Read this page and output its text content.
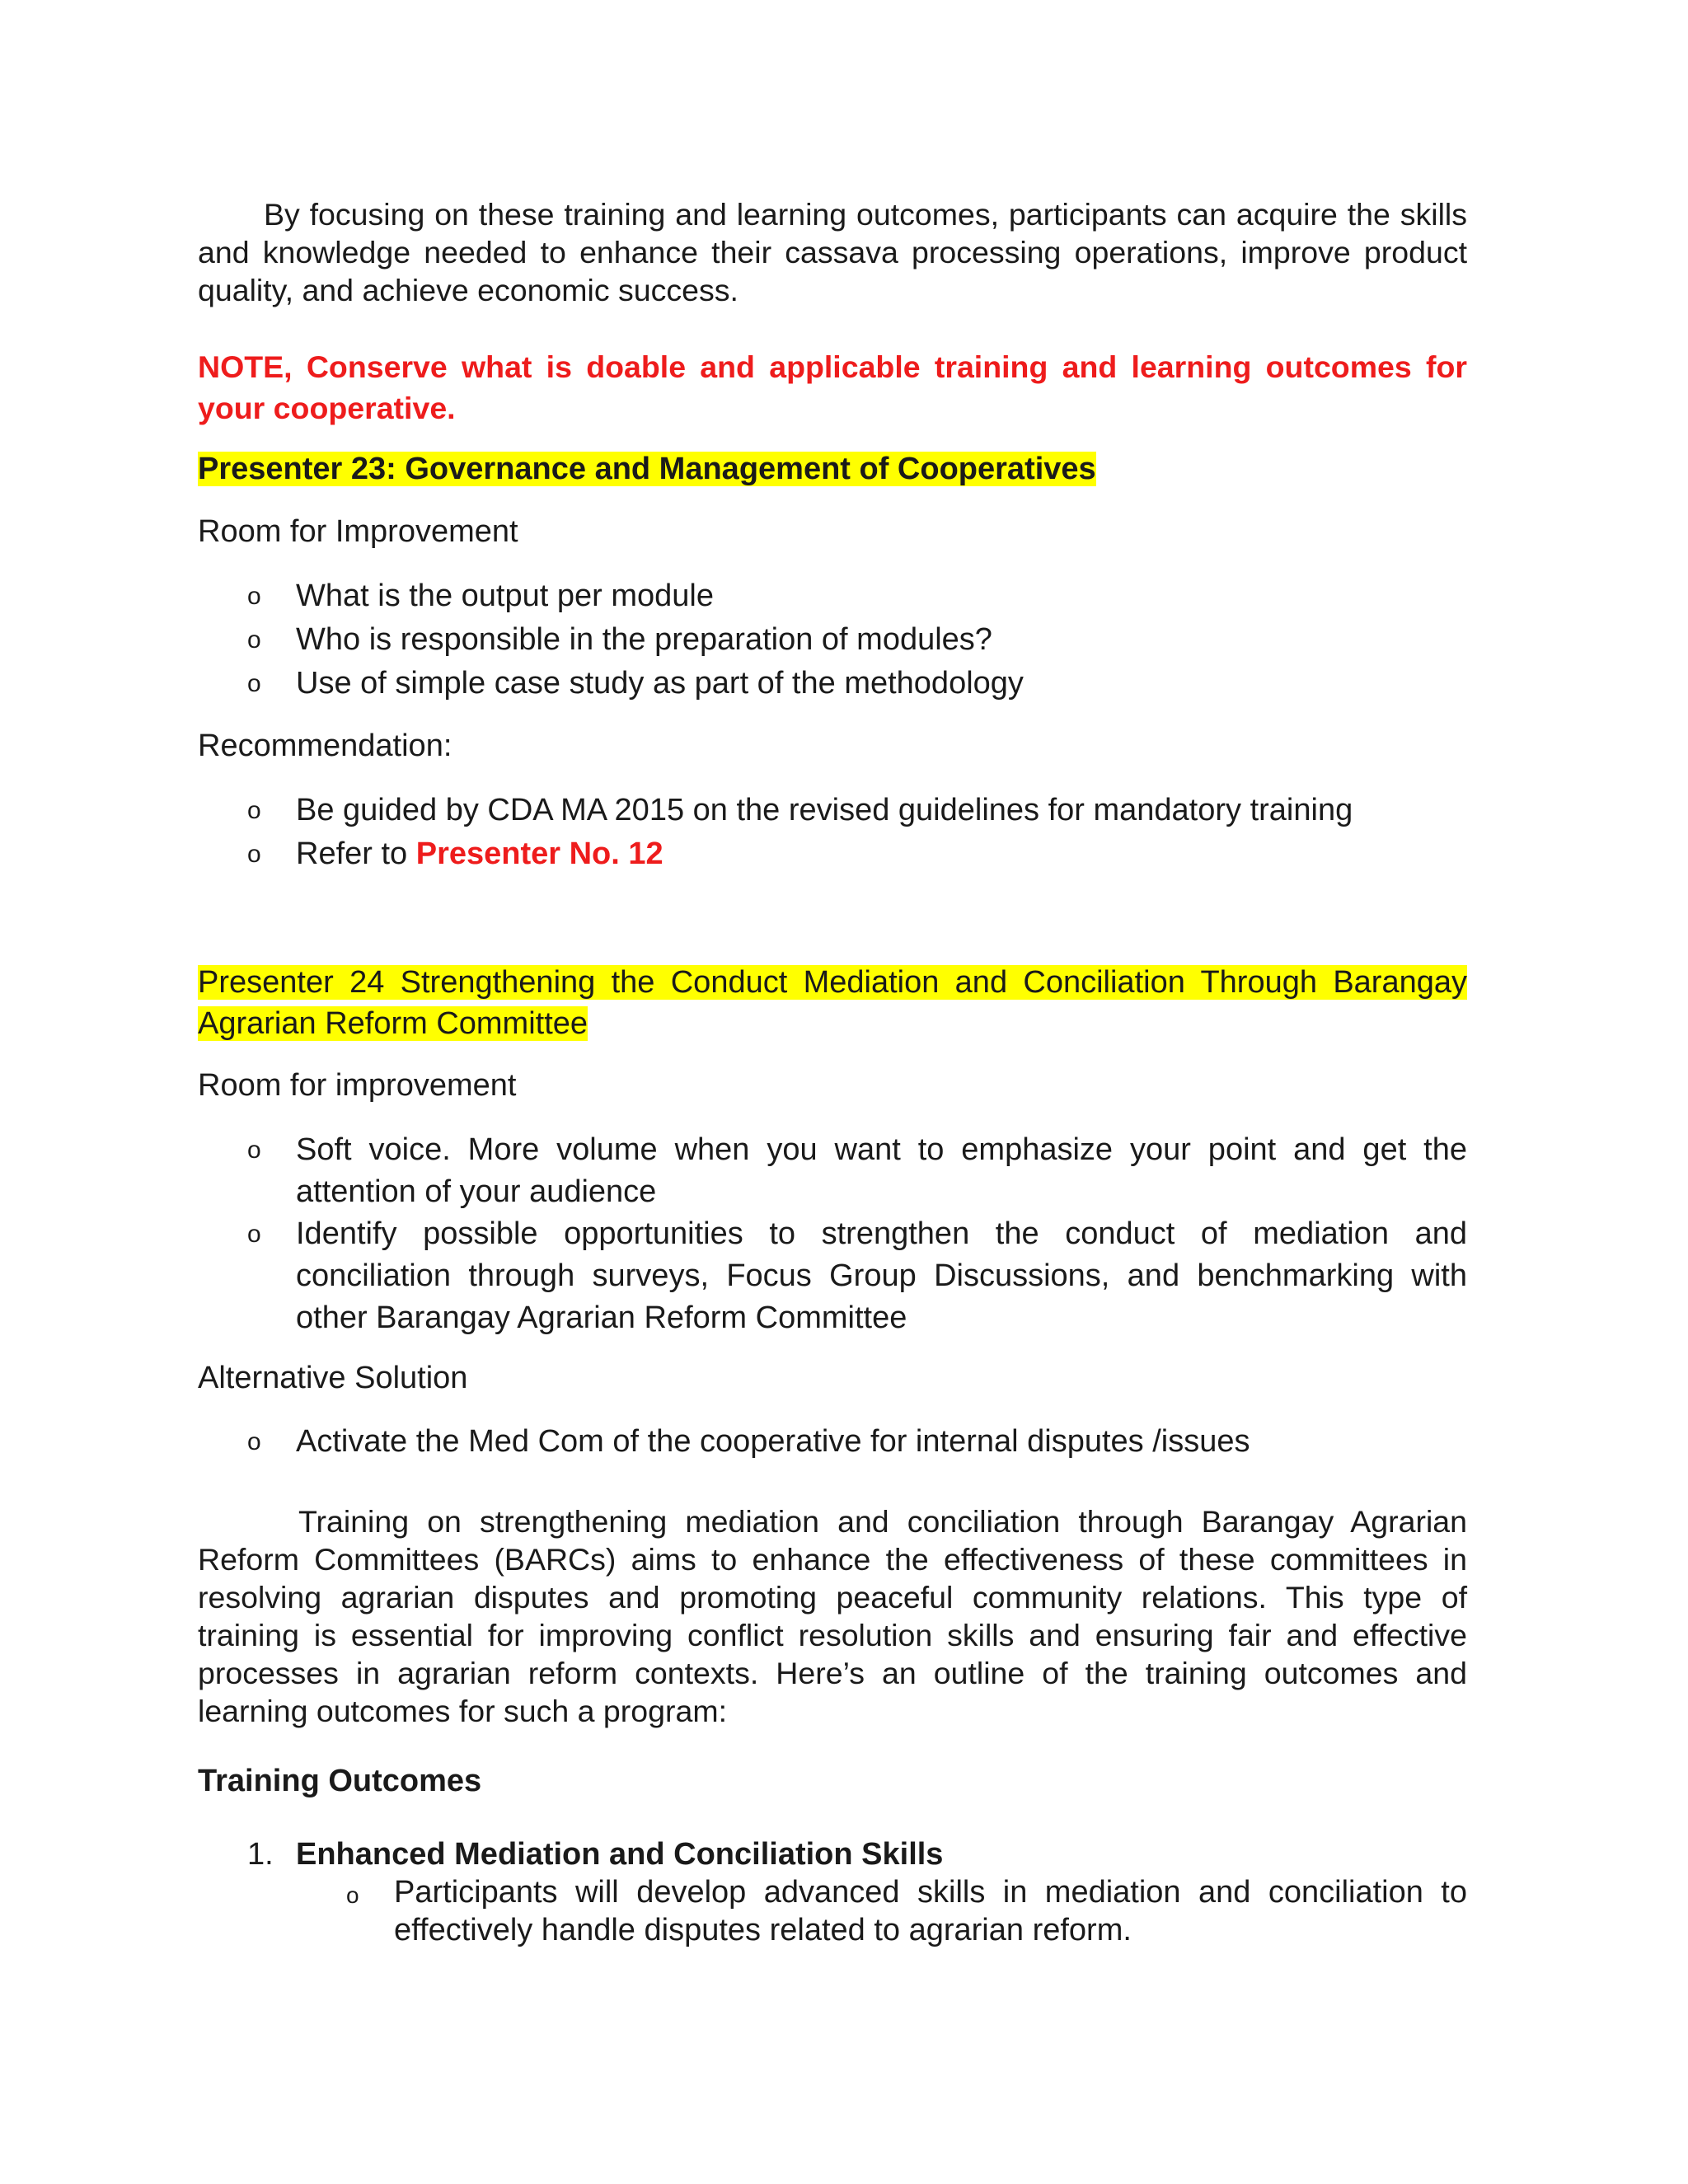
By focusing on these training and learning outcomes, participants can acquire the skills and knowledge needed to enhance their cassava processing operations, improve product quality, and achieve economic success.

NOTE, Conserve what is doable and applicable training and learning outcomes for your cooperative.

Presenter 23: Governance and Management of Cooperatives
Room for Improvement
o What is the output per module
o Who is responsible in the preparation of modules?
o Use of simple case study as part of the methodology
Recommendation:
o Be guided by CDA MA 2015 on the revised guidelines for mandatory training
o Refer to Presenter No. 12
Presenter 24 Strengthening the Conduct Mediation and Conciliation Through Barangay Agrarian Reform Committee
Room for improvement
o Soft voice. More volume when you want to emphasize your point and get the attention of your audience
o Identify possible opportunities to strengthen the conduct of mediation and conciliation through surveys, Focus Group Discussions, and benchmarking with other Barangay Agrarian Reform Committee
Alternative Solution
o Activate the Med Com of the cooperative for internal disputes /issues

Training on strengthening mediation and conciliation through Barangay Agrarian Reform Committees (BARCs) aims to enhance the effectiveness of these committees in resolving agrarian disputes and promoting peaceful community relations. This type of training is essential for improving conflict resolution skills and ensuring fair and effective processes in agrarian reform contexts. Here’s an outline of the training outcomes and learning outcomes for such a program:

Training Outcomes
1. Enhanced Mediation and Conciliation Skills
o Participants will develop advanced skills in mediation and conciliation to effectively handle disputes related to agrarian reform.
